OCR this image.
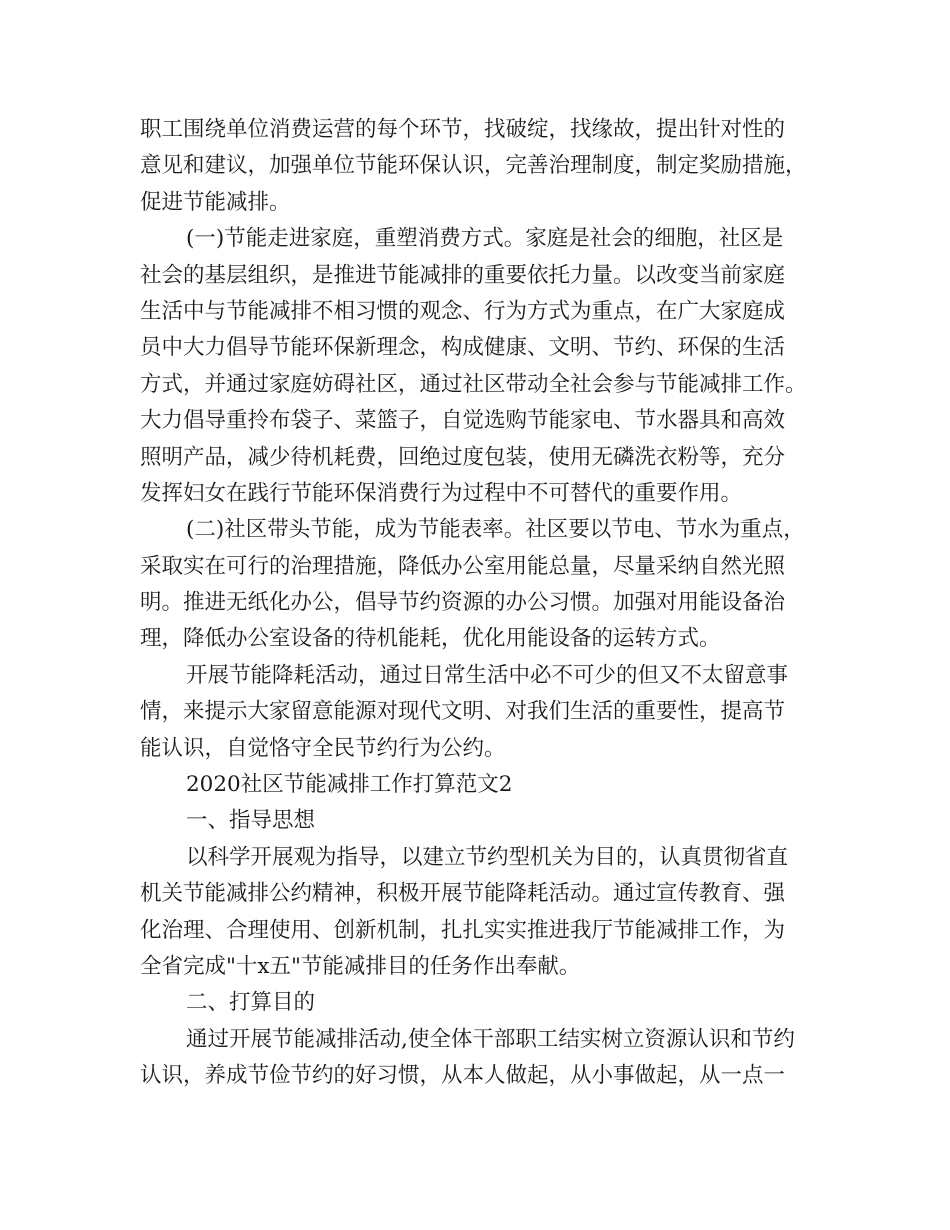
职工围绕单位消费运营的每个环节，找破绽，找缘故，提出针对性的
意见和建议，加强单位节能环保认识，完善治理制度，制定奖励措施，
促进节能减排。
(一)节能走进家庭，重塑消费方式。家庭是社会的细胞，社区是
社会的基层组织，是推进节能减排的重要依托力量。以改变当前家庭
生活中与节能减排不相习惯的观念、行为方式为重点，在广大家庭成
员中大力倡导节能环保新理念，构成健康、文明、节约、环保的生活
方式，并通过家庭妨碍社区，通过社区带动全社会参与节能减排工作。
大力倡导重拎布袋子、菜篮子，自觉选购节能家电、节水器具和高效
照明产品，减少待机耗费，回绝过度包装，使用无磷洗衣粉等，充分
发挥妇女在践行节能环保消费行为过程中不可替代的重要作用。
(二)社区带头节能，成为节能表率。社区要以节电、节水为重点，
采取实在可行的治理措施，降低办公室用能总量，尽量采纳自然光照
明。推进无纸化办公，倡导节约资源的办公习惯。加强对用能设备治
理，降低办公室设备的待机能耗，优化用能设备的运转方式。
开展节能降耗活动，通过日常生活中必不可少的但又不太留意事
情，来提示大家留意能源对现代文明、对我们生活的重要性，提高节
能认识，自觉恪守全民节约行为公约。
2020社区节能减排工作打算范文2
一、指导思想
以科学开展观为指导，以建立节约型机关为目的，认真贯彻省直
机关节能减排公约精神，积极开展节能降耗活动。通过宣传教育、强
化治理、合理使用、创新机制，扎扎实实推进我厅节能减排工作，为
全省完成"十x五"节能减排目的任务作出奉献。
二、打算目的
通过开展节能减排活动,使全体干部职工结实树立资源认识和节约
认识，养成节俭节约的好习惯，从本人做起，从小事做起，从一点一
